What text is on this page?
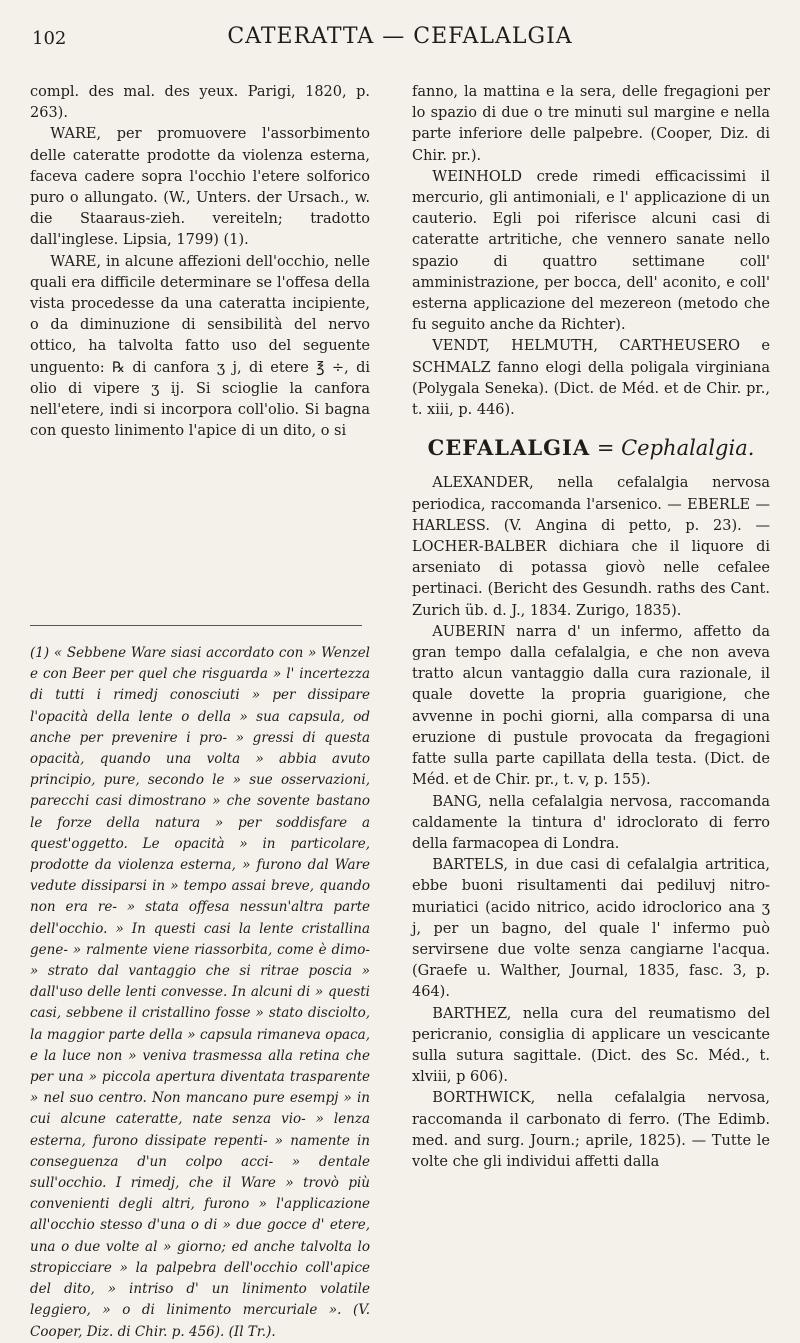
102	CATERATTA — CEFALALGIA

compl. des mal. des yeux. Parigi, 1820, p. 263).

WARE, per promuovere l'assorbimento delle cateratte prodotte da violenza esterna, faceva cadere sopra l'occhio l'etere solforico puro o allungato. (W., Unters. der Ursach., w. die Staaraus-zieh. vereiteln; tradotto dall'inglese. Lipsia, 1799) (1).

WARE, in alcune affezioni dell'occhio, nelle quali era difficile determinare se l'offesa della vista procedesse da una cateratta incipiente, o da diminuzione di sensibilità del nervo ottico, ha talvolta fatto uso del seguente unguento: ℞ di canfora ʒ j, di etere ℥ ÷, di olio di vipere ʒ ij. Si scioglie la canfora nell'etere, indi si incorpora coll'olio. Si bagna con questo linimento l'apice di un dito, o si

(1) « Sebbene Ware siasi accordato con » Wenzel e con Beer per quel che risguarda » l' incertezza di tutti i rimedj conosciuti » per dissipare l'opacità della lente o della » sua capsula, od anche per prevenire i pro- » gressi di questa opacità, quando una volta » abbia avuto principio, pure, secondo le » sue osservazioni, parecchi casi dimostrano » che sovente bastano le forze della natura » per soddisfare a quest'oggetto. Le opacità » in particolare, prodotte da violenza esterna, » furono dal Ware vedute dissiparsi in » tempo assai breve, quando non era re- » stata offesa nessun'altra parte dell'occhio. » In questi casi la lente cristallina gene- » ralmente viene riassorbita, come è dimo- » strato dal vantaggio che si ritrae poscia » dall'uso delle lenti convesse. In alcuni di » questi casi, sebbene il cristallino fosse » stato disciolto, la maggior parte della » capsula rimaneva opaca, e la luce non » veniva trasmessa alla retina che per una » piccola apertura diventata trasparente » nel suo centro. Non mancano pure esempj » in cui alcune cateratte, nate senza vio- » lenza esterna, furono dissipate repenti- » namente in conseguenza d'un colpo acci- » dentale sull'occhio. I rimedj, che il Ware » trovò più convenienti degli altri, furono » l'applicazione all'occhio stesso d'una o di » due gocce d' etere, una o due volte al » giorno; ed anche talvolta lo stropicciare » la palpebra dell'occhio coll'apice del dito, » intriso d' un linimento volatile leggiero, » o di linimento mercuriale ». (V. Cooper, Diz. di Chir. p. 456). (Il Tr.).

fanno, la mattina e la sera, delle fregagioni per lo spazio di due o tre minuti sul margine e nella parte inferiore delle palpebre. (Cooper, Diz. di Chir. pr.).

WEINHOLD crede rimedi efficacissimi il mercurio, gli antimoniali, e l' applicazione di un cauterio. Egli poi riferisce alcuni casi di cateratte artritiche, che vennero sanate nello spazio di quattro settimane coll' amministrazione, per bocca, dell' aconito, e coll' esterna applicazione del mezereon (metodo che fu seguito anche da Richter).

VENDT, HELMUTH, CARTHEUSERO e SCHMALZ fanno elogi della poligala virginiana (Polygala Seneka). (Dict. de Méd. et de Chir. pr., t. xiii, p. 446).

CEFALALGIA = Cephalalgia.

ALEXANDER, nella cefalalgia nervosa periodica, raccomanda l'arsenico. — EBERLE — HARLESS. (V. Angina di petto, p. 23). — LOCHER-BALBER dichiara che il liquore di arseniato di potassa giovò nelle cefalee pertinaci. (Bericht des Gesundh. raths des Cant. Zurich üb. d. J., 1834. Zurigo, 1835).

AUBERIN narra d' un infermo, affetto da gran tempo dalla cefalalgia, e che non aveva tratto alcun vantaggio dalla cura razionale, il quale dovette la propria guarigione, che avvenne in pochi giorni, alla comparsa di una eruzione di pustule provocata da fregagioni fatte sulla parte capillata della testa. (Dict. de Méd. et de Chir. pr., t. v, p. 155).

BANG, nella cefalalgia nervosa, raccomanda caldamente la tintura d' idroclorato di ferro della farmacopea di Londra.

BARTELS, in due casi di cefalalgia artritica, ebbe buoni risultamenti dai pediluvj nitro-muriatici (acido nitrico, acido idroclorico ana ʒ j, per un bagno, del quale l' infermo può servirsene due volte senza cangiarne l'acqua. (Graefe u. Walther, Journal, 1835, fasc. 3, p. 464).

BARTHEZ, nella cura del reumatismo del pericranio, consiglia di applicare un vescicante sulla sutura sagittale. (Dict. des Sc. Méd., t. xlviii, p 606).

BORTHWICK, nella cefalalgia nervosa, raccomanda il carbonato di ferro. (The Edimb. med. and surg. Journ.; aprile, 1825). — Tutte le volte che gli individui affetti dalla
